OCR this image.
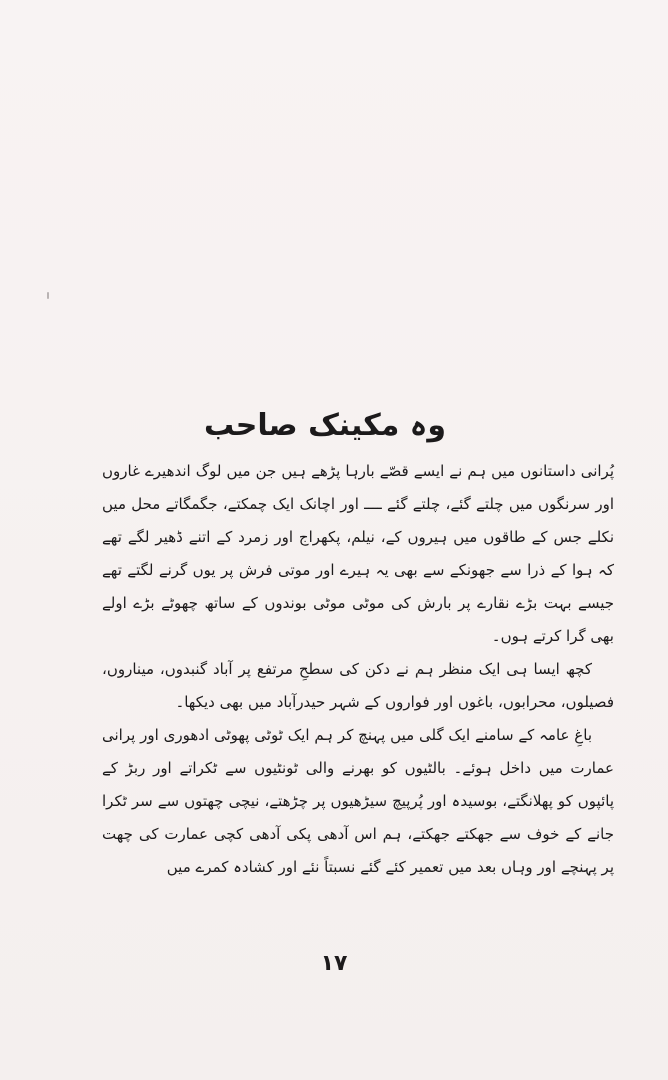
وہ مکینک صاحب

پُرانی داستانوں میں ہم نے ایسے قصّے بارہا پڑھے ہیں جن میں لوگ اندھیرے غاروں اور سرنگوں میں چلتے گئے، چلتے گئے ــــ اور اچانک ایک چمکتے، جگمگاتے محل میں نکلے جس کے طاقوں میں ہیروں کے، نیلم، پکھراج اور زمرد کے اتنے ڈھیر لگے تھے کہ ہوا کے ذرا سے جھونکے سے بھی یہ ہیرے اور موتی فرش پر یوں گرنے لگتے تھے جیسے بہت بڑے نقارے پر بارش کی موٹی موٹی بوندوں کے ساتھ چھوٹے بڑے اولے بھی گرا کرتے ہوں۔

کچھ ایسا ہی ایک منظر ہم نے دکن کی سطحِ مرتفع پر آباد گنبدوں، میناروں، فصیلوں، محرابوں، باغوں اور فواروں کے شہر حیدرآباد میں بھی دیکھا۔

باغِ عامہ کے سامنے ایک گلی میں پہنچ کر ہم ایک ٹوٹی پھوٹی ادھوری اور پرانی عمارت میں داخل ہوئے۔ بالٹیوں کو بھرنے والی ٹونٹیوں سے ٹکراتے اور ربڑ کے پائپوں کو پھلانگتے، بوسیدہ اور پُرپیچ سیڑھیوں پر چڑھتے، نیچی چھتوں سے سر ٹکرا جانے کے خوف سے جھکتے جھکتے، ہم اس آدھی پکی آدھی کچی عمارت کی چھت پر پہنچے اور وہاں بعد میں تعمیر کئے گئے نسبتاً نئے اور کشادہ کمرے میں

۱۷
